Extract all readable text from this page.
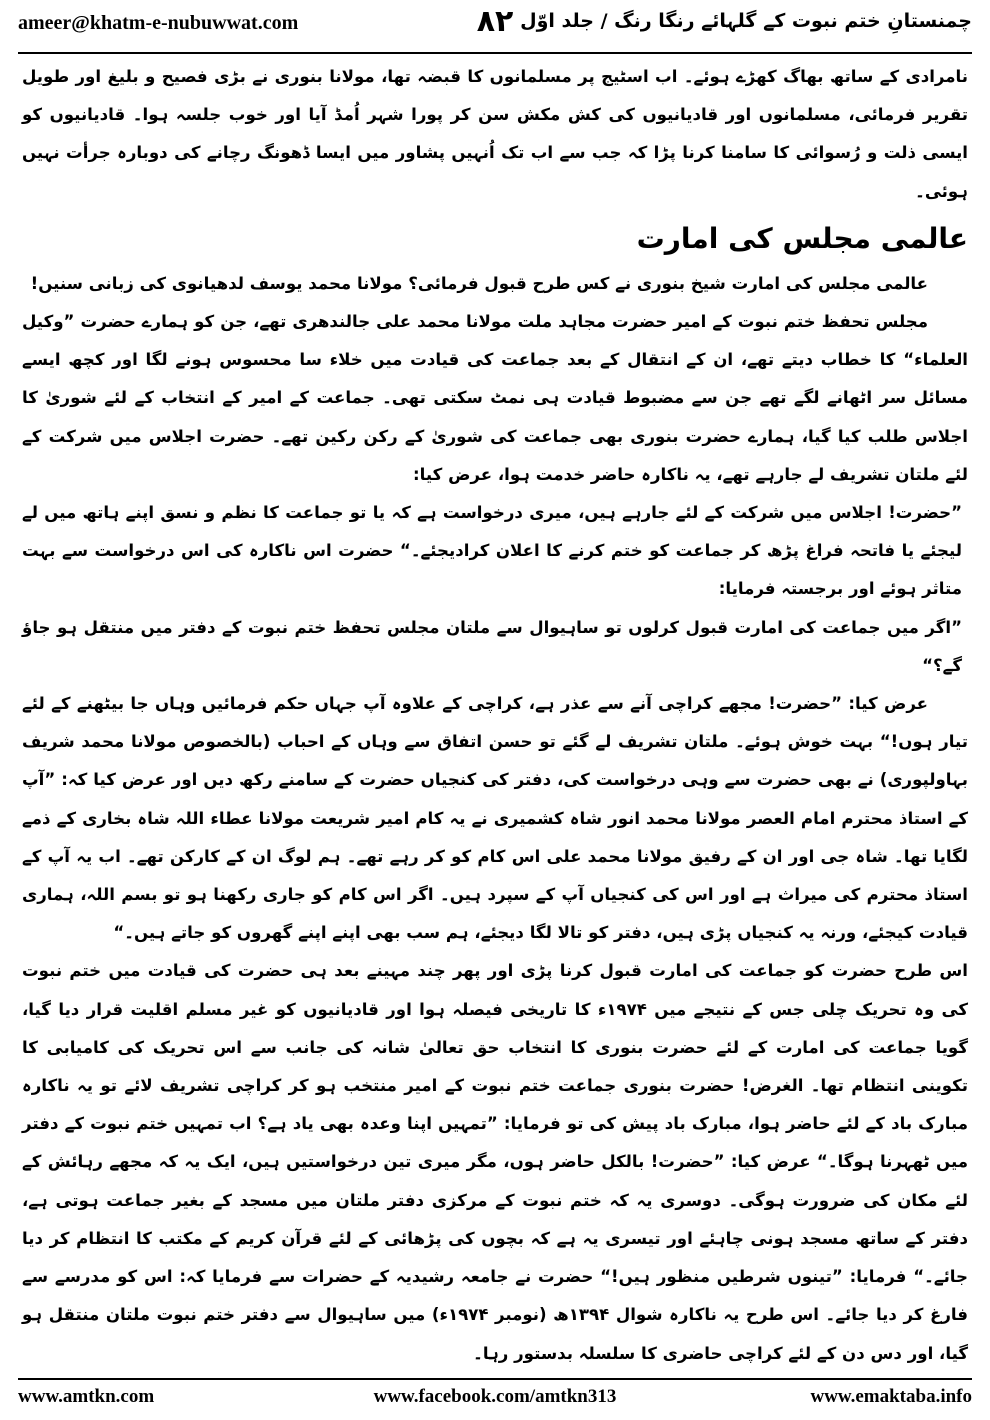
ameer@khatm-e-nubuwwat.com	۸۲ چمنستانِ ختم نبوت کے گلہائے رنگا رنگ / جلد اوّل

نامرادی کے ساتھ بھاگ کھڑے ہوئے۔ اب اسٹیج پر مسلمانوں کا قبضہ تھا، مولانا بنوری نے بڑی فصیح و بلیغ اور طویل تقریر فرمائی، مسلمانوں اور قادیانیوں کی کش مکش سن کر پورا شہر اُمڈ آیا اور خوب جلسہ ہوا۔ قادیانیوں کو ایسی ذلت و رُسوائی کا سامنا کرنا پڑا کہ جب سے اب تک اُنہیں پشاور میں ایسا ڈھونگ رچانے کی دوبارہ جرأت نہیں ہوئی۔

عالمی مجلس کی امارت

عالمی مجلس کی امارت شیخ بنوری نے کس طرح قبول فرمائی؟ مولانا محمد یوسف لدھیانوی کی زبانی سنیں!

مجلس تحفظ ختم نبوت کے امیر حضرت مجاہد ملت مولانا محمد علی جالندھری تھے، جن کو ہمارے حضرت ”وکیل العلماء“ کا خطاب دیتے تھے، ان کے انتقال کے بعد جماعت کی قیادت میں خلاء سا محسوس ہونے لگا اور کچھ ایسے مسائل سر اٹھانے لگے تھے جن سے مضبوط قیادت ہی نمٹ سکتی تھی۔ جماعت کے امیر کے انتخاب کے لئے شوریٰ کا اجلاس طلب کیا گیا، ہمارے حضرت بنوری بھی جماعت کی شوریٰ کے رکن رکین تھے۔ حضرت اجلاس میں شرکت کے لئے ملتان تشریف لے جارہے تھے، یہ ناکارہ حاضر خدمت ہوا، عرض کیا:

”حضرت! اجلاس میں شرکت کے لئے جارہے ہیں، میری درخواست ہے کہ یا تو جماعت کا نظم و نسق اپنے ہاتھ میں لے لیجئے یا فاتحہ فراغ پڑھ کر جماعت کو ختم کرنے کا اعلان کرادیجئے۔“ حضرت اس ناکارہ کی اس درخواست سے بہت متاثر ہوئے اور برجستہ فرمایا:

”اگر میں جماعت کی امارت قبول کرلوں تو ساہیوال سے ملتان مجلس تحفظ ختم نبوت کے دفتر میں منتقل ہو جاؤ گے؟“

عرض کیا: ”حضرت! مجھے کراچی آنے سے عذر ہے، کراچی کے علاوہ آپ جہاں حکم فرمائیں وہاں جا بیٹھنے کے لئے تیار ہوں!“ بہت خوش ہوئے۔ ملتان تشریف لے گئے تو حسن اتفاق سے وہاں کے احباب (بالخصوص مولانا محمد شریف بہاولپوری) نے بھی حضرت سے وہی درخواست کی، دفتر کی کنجیاں حضرت کے سامنے رکھ دیں اور عرض کیا کہ: ”آپ کے استاذ محترم امام العصر مولانا محمد انور شاہ کشمیری نے یہ کام امیر شریعت مولانا عطاء اللہ شاہ بخاری کے ذمے لگایا تھا۔ شاہ جی اور ان کے رفیق مولانا محمد علی اس کام کو کر رہے تھے۔ ہم لوگ ان کے کارکن تھے۔ اب یہ آپ کے استاذ محترم کی میراث ہے اور اس کی کنجیاں آپ کے سپرد ہیں۔ اگر اس کام کو جاری رکھنا ہو تو بسم اللہ، ہماری قیادت کیجئے، ورنہ یہ کنجیاں پڑی ہیں، دفتر کو تالا لگا دیجئے، ہم سب بھی اپنے اپنے گھروں کو جاتے ہیں۔“

اس طرح حضرت کو جماعت کی امارت قبول کرنا پڑی اور پھر چند مہینے بعد ہی حضرت کی قیادت میں ختم نبوت کی وہ تحریک چلی جس کے نتیجے میں ۱۹۷۴ء کا تاریخی فیصلہ ہوا اور قادیانیوں کو غیر مسلم اقلیت قرار دیا گیا، گویا جماعت کی امارت کے لئے حضرت بنوری کا انتخاب حق تعالیٰ شانہ کی جانب سے اس تحریک کی کامیابی کا تکوینی انتظام تھا۔ الغرض! حضرت بنوری جماعت ختم نبوت کے امیر منتخب ہو کر کراچی تشریف لائے تو یہ ناکارہ مبارک باد کے لئے حاضر ہوا، مبارک باد پیش کی تو فرمایا: ”تمہیں اپنا وعدہ بھی یاد ہے؟ اب تمہیں ختم نبوت کے دفتر میں ٹھہرنا ہوگا۔“ عرض کیا: ”حضرت! بالکل حاضر ہوں، مگر میری تین درخواستیں ہیں، ایک یہ کہ مجھے رہائش کے لئے مکان کی ضرورت ہوگی۔ دوسری یہ کہ ختم نبوت کے مرکزی دفتر ملتان میں مسجد کے بغیر جماعت ہوتی ہے، دفتر کے ساتھ مسجد ہونی چاہئے اور تیسری یہ ہے کہ بچوں کی پڑھائی کے لئے قرآن کریم کے مکتب کا انتظام کر دیا جائے۔“ فرمایا: ”تینوں شرطیں منظور ہیں!“ حضرت نے جامعہ رشیدیہ کے حضرات سے فرمایا کہ: اس کو مدرسے سے فارغ کر دیا جائے۔ اس طرح یہ ناکارہ شوال ۱۳۹۴ھ (نومبر ۱۹۷۴ء) میں ساہیوال سے دفتر ختم نبوت ملتان منتقل ہو گیا، اور دس دن کے لئے کراچی حاضری کا سلسلہ بدستور رہا۔

www.amtkn.com	www.facebook.com/amtkn313	www.emaktaba.info
